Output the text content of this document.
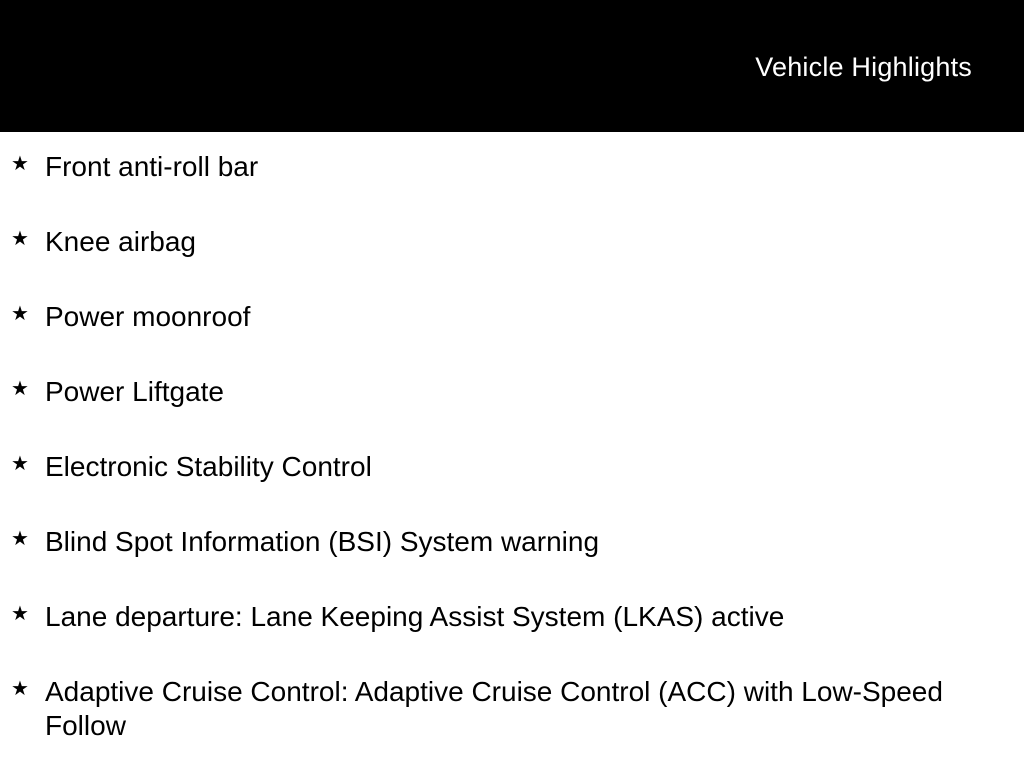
Vehicle Highlights
★ Front anti-roll bar
★ Knee airbag
★ Power moonroof
★ Power Liftgate
★ Electronic Stability Control
★ Blind Spot Information (BSI) System warning
★ Lane departure: Lane Keeping Assist System (LKAS) active
★ Adaptive Cruise Control: Adaptive Cruise Control (ACC) with Low-Speed Follow
